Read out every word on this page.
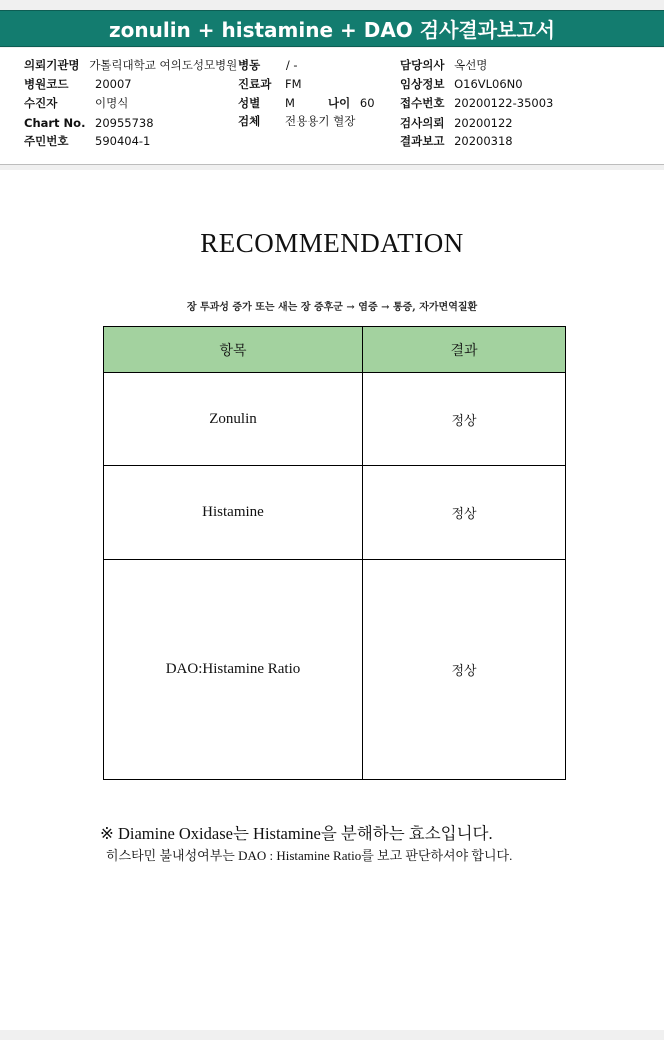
zonulin + histamine + DAO 검사결과보고서
의뢰기관명 가톨릭대학교 여의도성모병원 병동 / -	담당의사 옥선명
병원코드 20007	진료과 FM	임상정보 O16VL06N0
수진자	이명식	성별 M	나이 60 접수번호 20200122-35003
Chart No. 20955738	검체 전용용기 혈장	검사의뢰 20200122
주민번호 590404-1	결과보고 20200318
RECOMMENDATION
장 투과성 증가 또는 새는 장 증후군 → 염증 → 통증, 자가면역질환
항목	결과
Zonulin	정상
Histamine	정상
DAO:Histamine Ratio	정상
※ Diamine Oxidase는 Histamine을 분해하는 효소입니다.
히스타민 불내성여부는 DAO : Histamine Ratio를 보고 판단하셔야 합니다.
